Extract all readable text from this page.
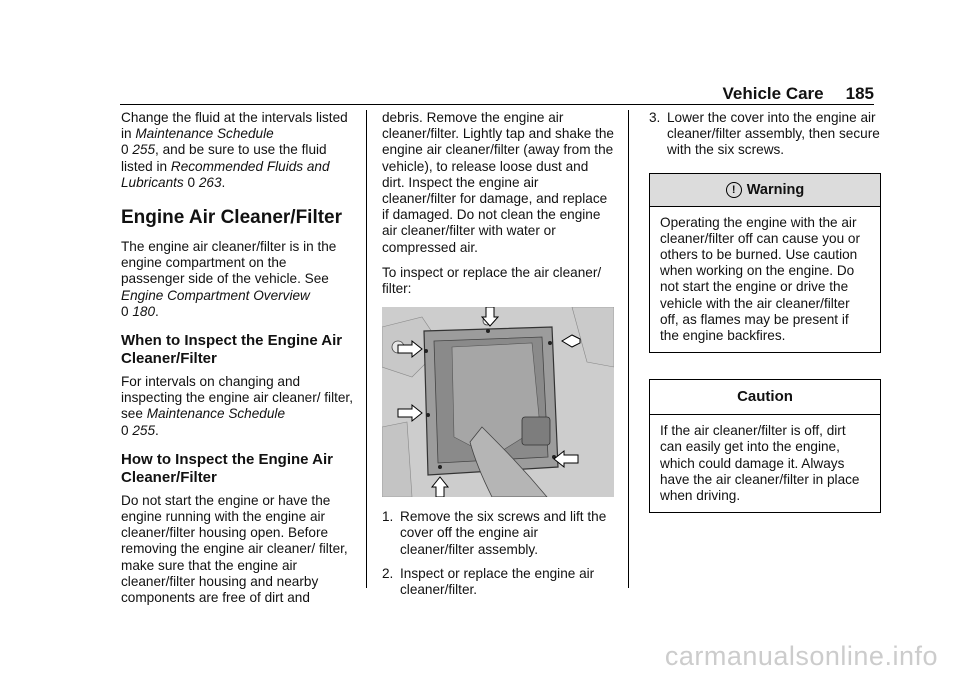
Vehicle Care 185

Change the fluid at the intervals listed in Maintenance Schedule
0 255, and be sure to use the fluid listed in Recommended Fluids and Lubricants 0 263.

Engine Air Cleaner/Filter

The engine air cleaner/filter is in the engine compartment on the passenger side of the vehicle. See Engine Compartment Overview
0 180.

When to Inspect the Engine Air Cleaner/Filter

For intervals on changing and inspecting the engine air cleaner/ filter, see Maintenance Schedule
0 255.

How to Inspect the Engine Air Cleaner/Filter

Do not start the engine or have the engine running with the engine air cleaner/filter housing open. Before removing the engine air cleaner/ filter, make sure that the engine air cleaner/filter housing and nearby components are free of dirt and

debris. Remove the engine air cleaner/filter. Lightly tap and shake the engine air cleaner/filter (away from the vehicle), to release loose dust and dirt. Inspect the engine air cleaner/filter for damage, and replace if damaged. Do not clean the engine air cleaner/filter with water or compressed air.

To inspect or replace the air cleaner/ filter:

1. Remove the six screws and lift the cover off the engine air cleaner/filter assembly.
2. Inspect or replace the engine air cleaner/filter.
3. Lower the cover into the engine air cleaner/filter assembly, then secure with the six screws.
! Warning
Operating the engine with the air cleaner/filter off can cause you or others to be burned. Use caution when working on the engine. Do not start the engine or drive the vehicle with the air cleaner/filter off, as flames may be present if the engine backfires.
Caution
If the air cleaner/filter is off, dirt can easily get into the engine, which could damage it. Always have the air cleaner/filter in place when driving.
carmanualsonline.info
